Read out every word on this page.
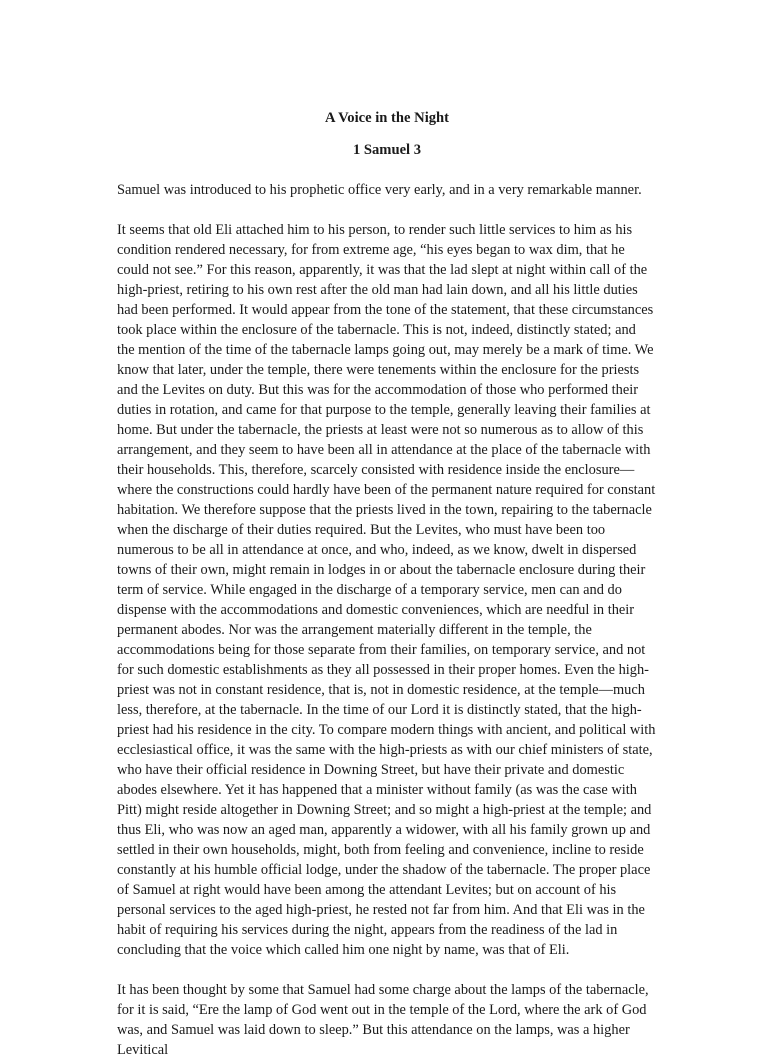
A Voice in the Night
1 Samuel 3

Samuel was introduced to his prophetic office very early, and in a very remarkable manner.

It seems that old Eli attached him to his person, to render such little services to him as his condition rendered necessary, for from extreme age, “his eyes began to wax dim, that he could not see.” For this reason, apparently, it was that the lad slept at night within call of the high-priest, retiring to his own rest after the old man had lain down, and all his little duties had been performed. It would appear from the tone of the statement, that these circumstances took place within the enclosure of the tabernacle. This is not, indeed, distinctly stated; and the mention of the time of the tabernacle lamps going out, may merely be a mark of time. We know that later, under the temple, there were tenements within the enclosure for the priests and the Levites on duty. But this was for the accommodation of those who performed their duties in rotation, and came for that purpose to the temple, generally leaving their families at home. But under the tabernacle, the priests at least were not so numerous as to allow of this arrangement, and they seem to have been all in attendance at the place of the tabernacle with their households. This, therefore, scarcely consisted with residence inside the enclosure—where the constructions could hardly have been of the permanent nature required for constant habitation. We therefore suppose that the priests lived in the town, repairing to the tabernacle when the discharge of their duties required. But the Levites, who must have been too numerous to be all in attendance at once, and who, indeed, as we know, dwelt in dispersed towns of their own, might remain in lodges in or about the tabernacle enclosure during their term of service. While engaged in the discharge of a temporary service, men can and do dispense with the accommodations and domestic conveniences, which are needful in their permanent abodes. Nor was the arrangement materially different in the temple, the accommodations being for those separate from their families, on temporary service, and not for such domestic establishments as they all possessed in their proper homes. Even the high-priest was not in constant residence, that is, not in domestic residence, at the temple—much less, therefore, at the tabernacle. In the time of our Lord it is distinctly stated, that the high-priest had his residence in the city. To compare modern things with ancient, and political with ecclesiastical office, it was the same with the high-priests as with our chief ministers of state, who have their official residence in Downing Street, but have their private and domestic abodes elsewhere. Yet it has happened that a minister without family (as was the case with Pitt) might reside altogether in Downing Street; and so might a high-priest at the temple; and thus Eli, who was now an aged man, apparently a widower, with all his family grown up and settled in their own households, might, both from feeling and convenience, incline to reside constantly at his humble official lodge, under the shadow of the tabernacle. The proper place of Samuel at right would have been among the attendant Levites; but on account of his personal services to the aged high-priest, he rested not far from him. And that Eli was in the habit of requiring his services during the night, appears from the readiness of the lad in concluding that the voice which called him one night by name, was that of Eli.

It has been thought by some that Samuel had some charge about the lamps of the tabernacle, for it is said, “Ere the lamp of God went out in the temple of the Lord, where the ark of God was, and Samuel was laid down to sleep.” But this attendance on the lamps, was a higher Levitical
